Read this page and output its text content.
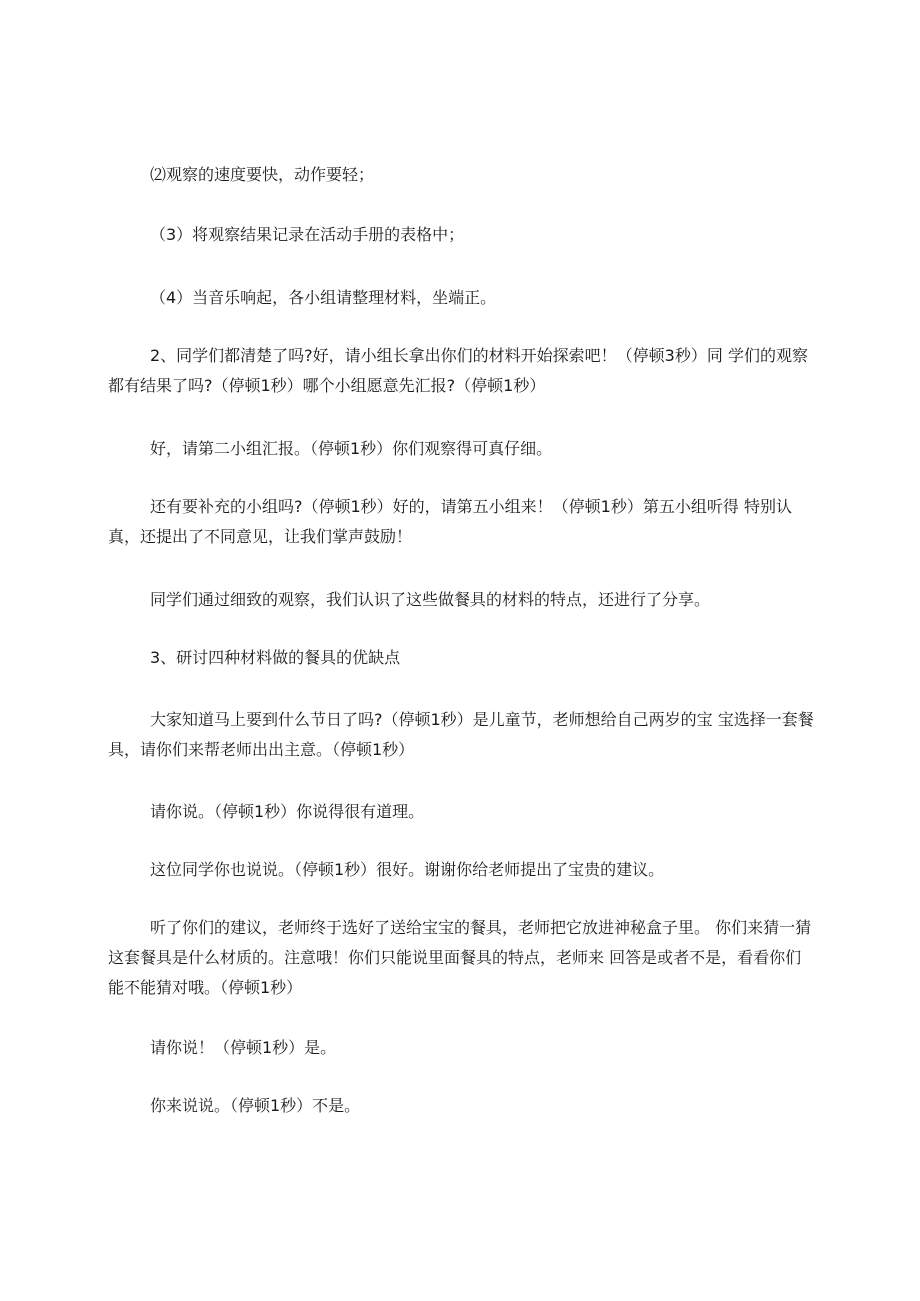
⑵观察的速度要快，动作要轻；

（3）将观察结果记录在活动手册的表格中；

（4）当音乐响起，各小组请整理材料，坐端正。

2、同学们都清楚了吗?好，请小组长拿出你们的材料开始探索吧！（停顿3秒）同 学们的观察都有结果了吗?（停顿1秒）哪个小组愿意先汇报?（停顿1秒）

好，请第二小组汇报。（停顿1秒）你们观察得可真仔细。

还有要补充的小组吗?（停顿1秒）好的，请第五小组来！（停顿1秒）第五小组听得 特别认真，还提出了不同意见，让我们掌声鼓励！

同学们通过细致的观察，我们认识了这些做餐具的材料的特点，还进行了分享。

3、研讨四种材料做的餐具的优缺点

大家知道马上要到什么节日了吗?（停顿1秒）是儿童节，老师想给自己两岁的宝 宝选择一套餐具，请你们来帮老师出出主意。（停顿1秒）

请你说。（停顿1秒）你说得很有道理。

这位同学你也说说。（停顿1秒）很好。谢谢你给老师提出了宝贵的建议。

听了你们的建议，老师终于选好了送给宝宝的餐具，老师把它放进神秘盒子里。 你们来猜一猜这套餐具是什么材质的。注意哦！你们只能说里面餐具的特点，老师来 回答是或者不是，看看你们能不能猜对哦。（停顿1秒）

请你说！（停顿1秒）是。

你来说说。（停顿1秒）不是。
